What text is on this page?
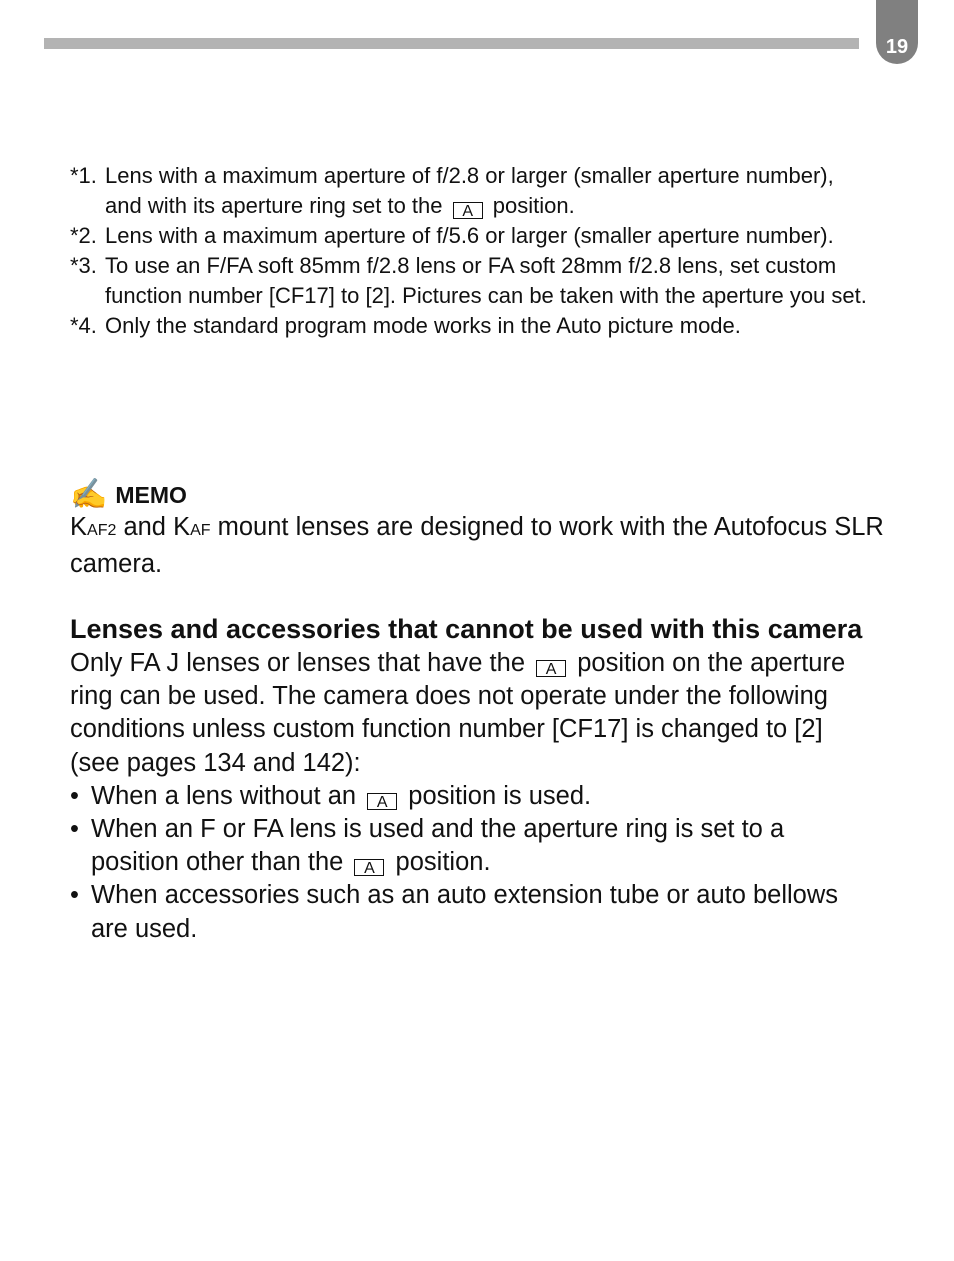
19
*1. Lens with a maximum aperture of f/2.8 or larger (smaller aperture number), and with its aperture ring set to the A position.
*2. Lens with a maximum aperture of f/5.6 or larger (smaller aperture number).
*3. To use an F/FA soft 85mm f/2.8 lens or FA soft 28mm f/2.8 lens, set custom function number [CF17] to [2]. Pictures can be taken with the aperture you set.
*4. Only the standard program mode works in the Auto picture mode.
✍ MEMO
KAF2 and KAF mount lenses are designed to work with the Autofocus SLR camera.
Lenses and accessories that cannot be used with this camera
Only FA J lenses or lenses that have the A position on the aperture ring can be used. The camera does not operate under the following conditions unless custom function number [CF17] is changed to [2] (see pages 134 and 142):
• When a lens without an A position is used.
• When an F or FA lens is used and the aperture ring is set to a position other than the A position.
• When accessories such as an auto extension tube or auto bellows are used.
